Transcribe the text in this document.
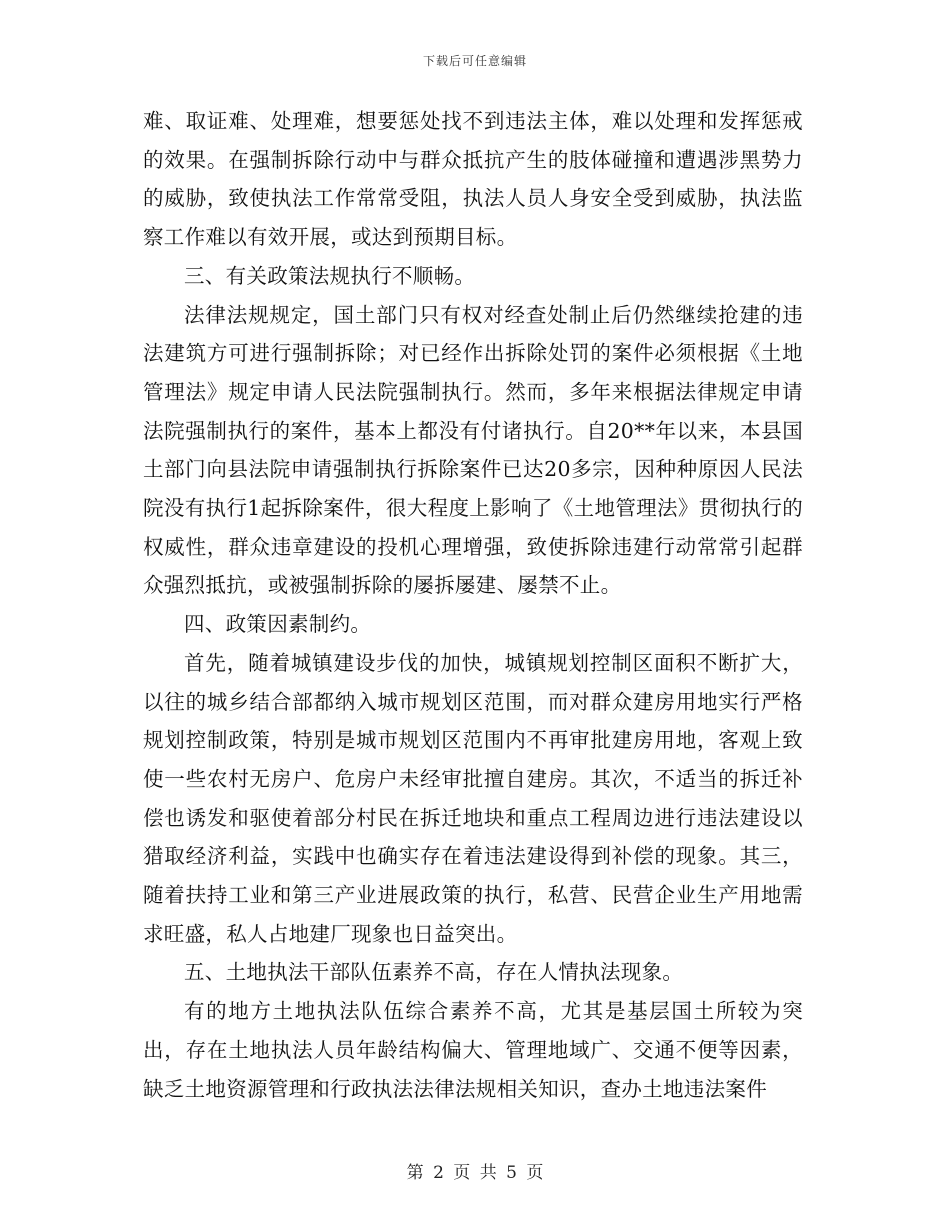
下载后可任意编辑

难、取证难、处理难，想要惩处找不到违法主体，难以处理和发挥惩戒的效果。在强制拆除行动中与群众抵抗产生的肢体碰撞和遭遇涉黑势力的威胁，致使执法工作常常受阻，执法人员人身安全受到威胁，执法监察工作难以有效开展，或达到预期目标。

三、有关政策法规执行不顺畅。

法律法规规定，国土部门只有权对经查处制止后仍然继续抢建的违法建筑方可进行强制拆除；对已经作出拆除处罚的案件必须根据《土地管理法》规定申请人民法院强制执行。然而，多年来根据法律规定申请法院强制执行的案件，基本上都没有付诸执行。自20**年以来，本县国土部门向县法院申请强制执行拆除案件已达20多宗，因种种原因人民法院没有执行1起拆除案件，很大程度上影响了《土地管理法》贯彻执行的权威性，群众违章建设的投机心理增强，致使拆除违建行动常常引起群众强烈抵抗，或被强制拆除的屡拆屡建、屡禁不止。

四、政策因素制约。

首先，随着城镇建设步伐的加快，城镇规划控制区面积不断扩大，以往的城乡结合部都纳入城市规划区范围，而对群众建房用地实行严格规划控制政策，特别是城市规划区范围内不再审批建房用地，客观上致使一些农村无房户、危房户未经审批擅自建房。其次，不适当的拆迁补偿也诱发和驱使着部分村民在拆迁地块和重点工程周边进行违法建设以猎取经济利益，实践中也确实存在着违法建设得到补偿的现象。其三，随着扶持工业和第三产业进展政策的执行，私营、民营企业生产用地需求旺盛，私人占地建厂现象也日益突出。

五、土地执法干部队伍素养不高，存在人情执法现象。

有的地方土地执法队伍综合素养不高，尤其是基层国土所较为突出，存在土地执法人员年龄结构偏大、管理地域广、交通不便等因素，缺乏土地资源管理和行政执法法律法规相关知识，查办土地违法案件

第 2 页 共 5 页
